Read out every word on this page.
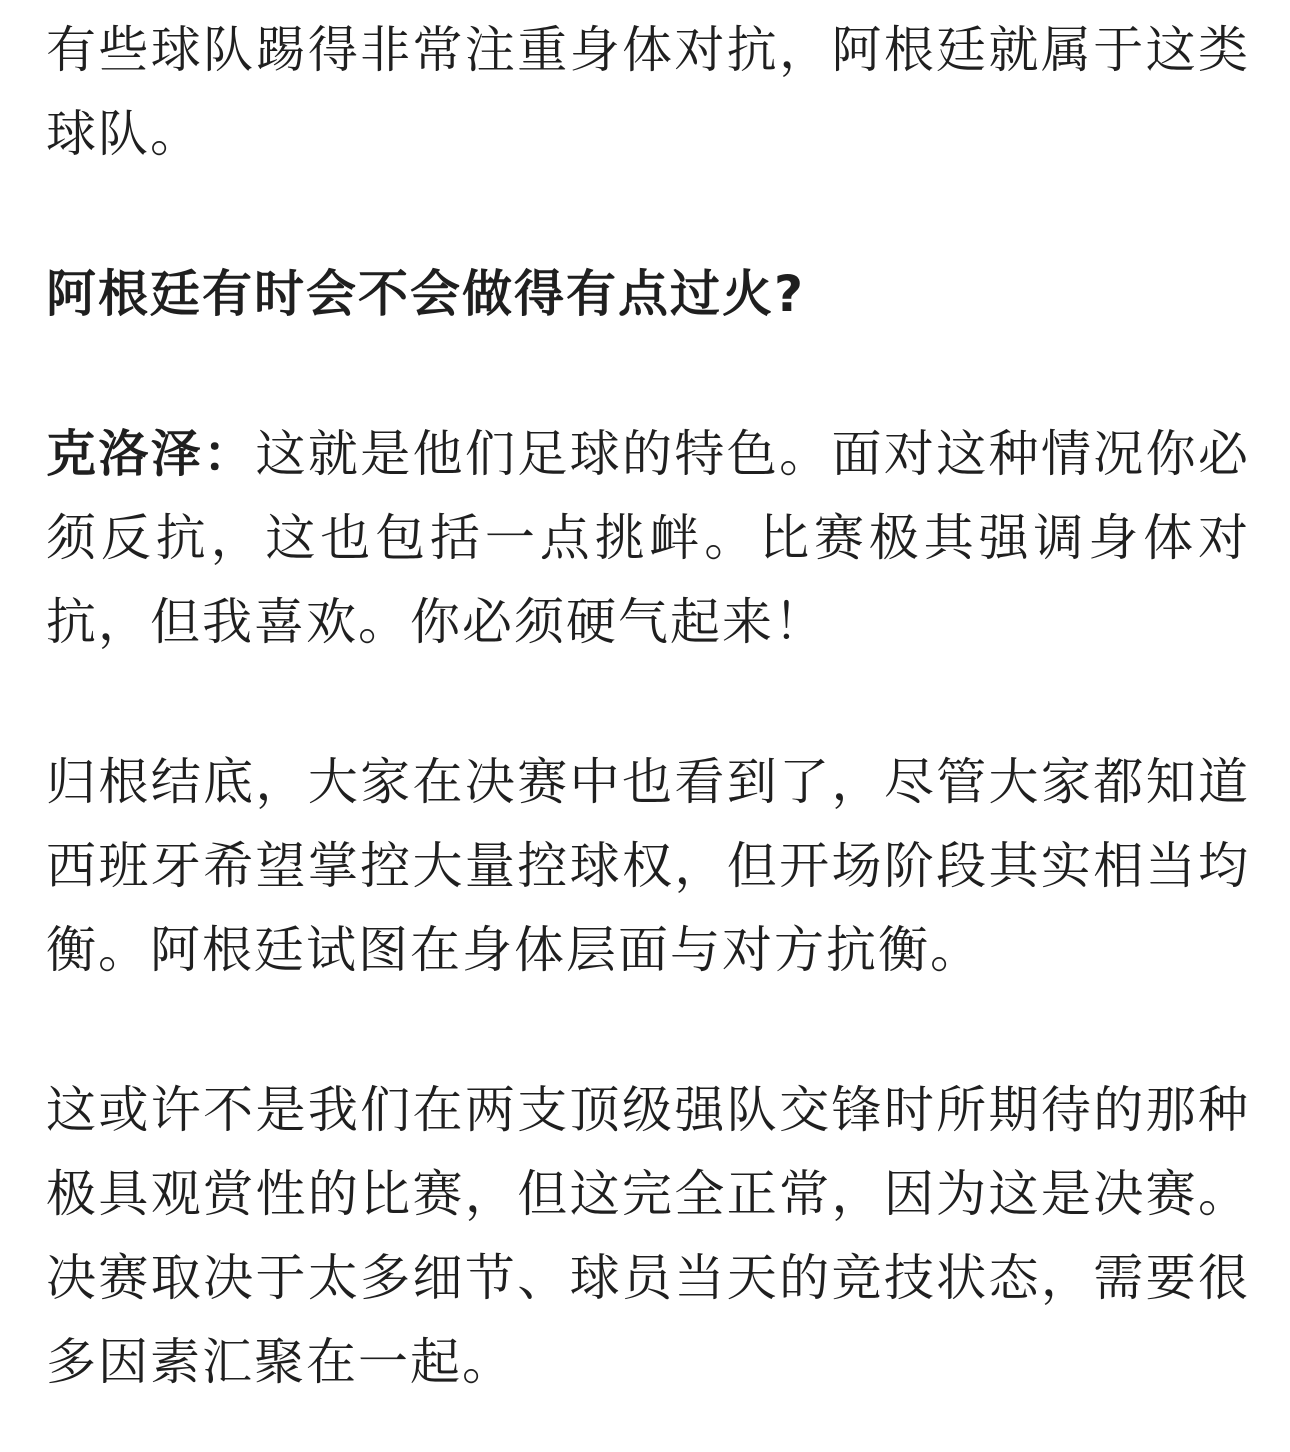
有些球队踢得非常注重身体对抗，阿根廷就属于这类球队。

阿根廷有时会不会做得有点过火?

克洛泽：这就是他们足球的特色。面对这种情况你必须反抗，这也包括一点挑衅。比赛极其强调身体对抗，但我喜欢。你必须硬气起来！

归根结底，大家在决赛中也看到了，尽管大家都知道西班牙希望掌控大量控球权，但开场阶段其实相当均衡。阿根廷试图在身体层面与对方抗衡。

这或许不是我们在两支顶级强队交锋时所期待的那种极具观赏性的比赛，但这完全正常，因为这是决赛。决赛取决于太多细节、球员当天的竞技状态，需要很多因素汇聚在一起。
